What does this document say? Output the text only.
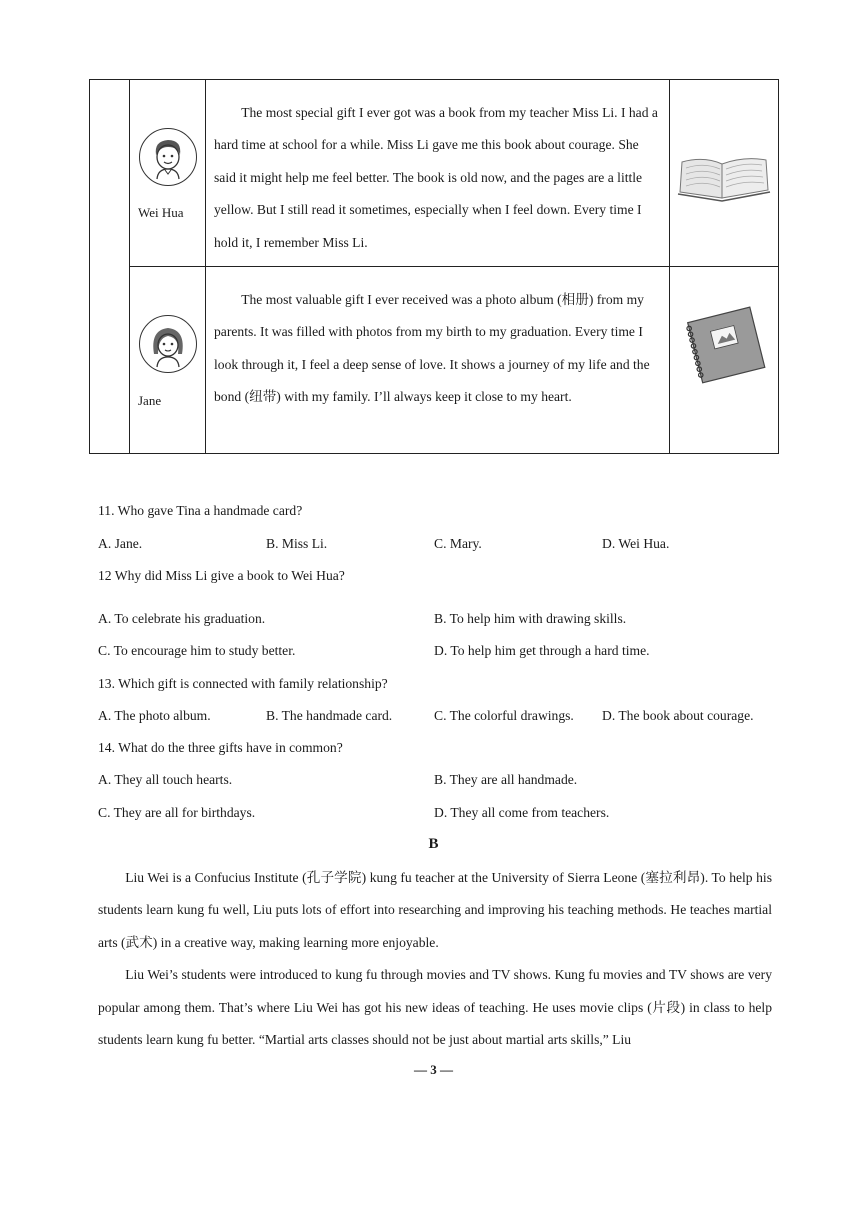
Wei Hua

The most special gift I ever got was a book from my teacher Miss Li. I had a hard time at school for a while. Miss Li gave me this book about courage. She said it might help me feel better. The book is old now, and the pages are a little yellow. But I still read it sometimes, especially when I feel down. Every time I hold it, I remember Miss Li.

Jane

The most valuable gift I ever received was a photo album (相册) from my parents. It was filled with photos from my birth to my graduation. Every time I look through it, I feel a deep sense of love. It shows a journey of my life and the bond (纽带) with my family. I’ll always keep it close to my heart.

11. Who gave Tina a handmade card?
A. Jane.	B. Miss Li.	C. Mary.	D. Wei Hua.
12 Why did Miss Li give a book to Wei Hua?
A. To celebrate his graduation.	B. To help him with drawing skills.
C. To encourage him to study better.	D. To help him get through a hard time.
13. Which gift is connected with family relationship?
A. The photo album.	B. The handmade card.	C. The colorful drawings. D. The book about courage.
14. What do the three gifts have in common?
A. They all touch hearts.	B. They are all handmade.
C. They are all for birthdays.	D. They all come from teachers.
B

Liu Wei is a Confucius Institute (孔子学院) kung fu teacher at the University of Sierra Leone (塞拉利昂). To help his students learn kung fu well, Liu puts lots of effort into researching and improving his teaching methods. He teaches martial arts (武术) in a creative way, making learning more enjoyable.

Liu Wei’s students were introduced to kung fu through movies and TV shows. Kung fu movies and TV shows are very popular among them. That’s where Liu Wei has got his new ideas of teaching. He uses movie clips (片段) in class to help students learn kung fu better. “Martial arts classes should not be just about martial arts skills,” Liu

— 3 —
